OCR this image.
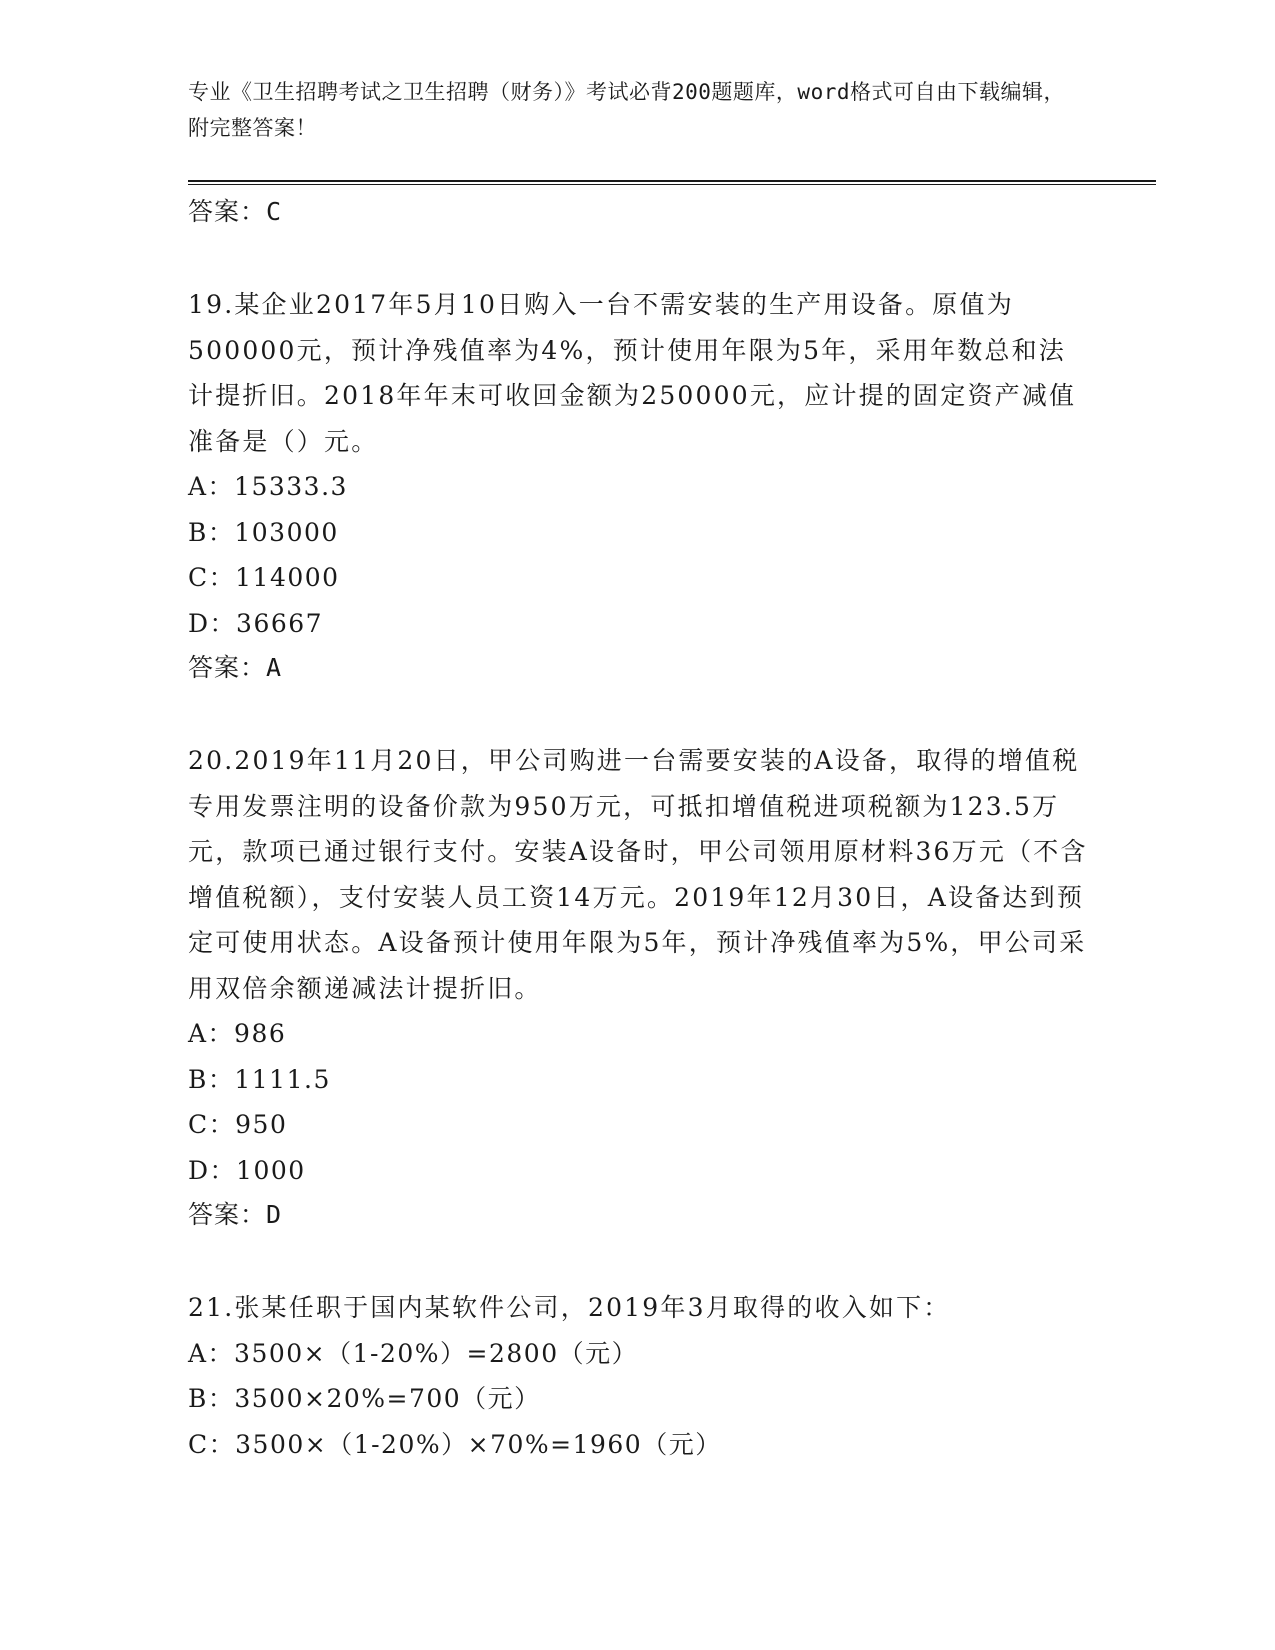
专业《卫生招聘考试之卫生招聘（财务）》考试必背200题题库，word格式可自由下载编辑，附完整答案！

答案：C

19.某企业2017年5月10日购入一台不需安装的生产用设备。原值为500000元，预计净残值率为4%，预计使用年限为5年，采用年数总和法计提折旧。2018年年末可收回金额为250000元，应计提的固定资产减值准备是（）元。

A：15333.3

B：103000

C：114000

D：36667

答案：A

20.2019年11月20日，甲公司购进一台需要安装的A设备，取得的增值税专用发票注明的设备价款为950万元，可抵扣增值税进项税额为123.5万元，款项已通过银行支付。安装A设备时，甲公司领用原材料36万元（不含增值税额），支付安装人员工资14万元。2019年12月30日，A设备达到预定可使用状态。A设备预计使用年限为5年，预计净残值率为5%，甲公司采用双倍余额递减法计提折旧。

A：986

B：1111.5

C：950

D：1000

答案：D

21.张某任职于国内某软件公司，2019年3月取得的收入如下：

A：3500×（1-20%）=2800（元）

B：3500×20%=700（元）

C：3500×（1-20%）×70%=1960（元）
